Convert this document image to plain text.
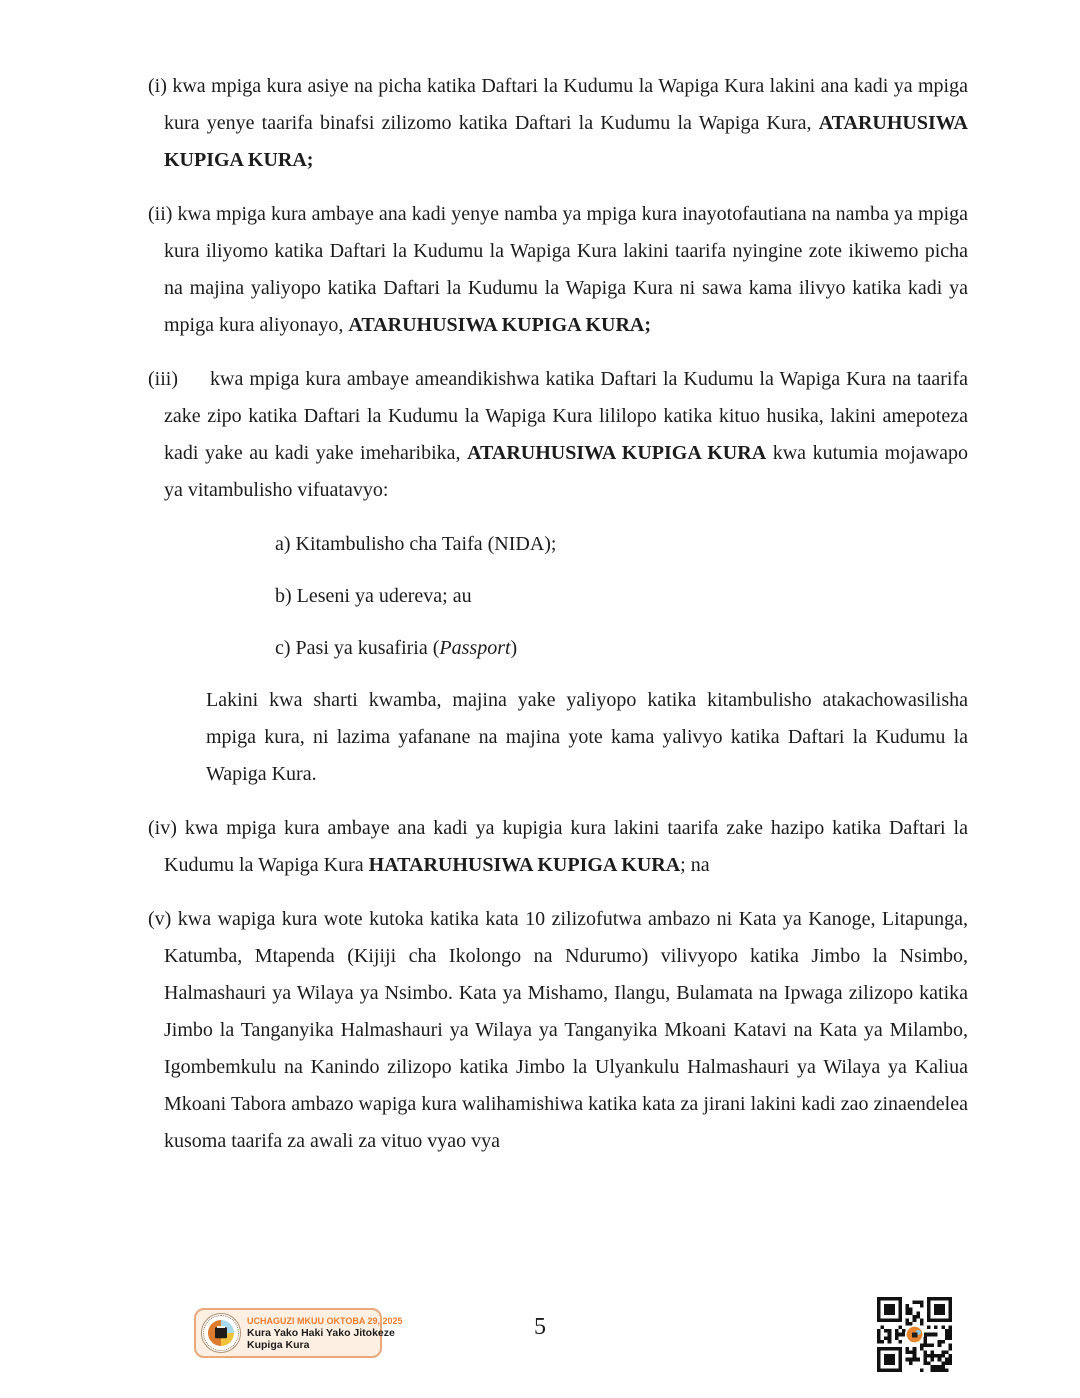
(i) kwa mpiga kura asiye na picha katika Daftari la Kudumu la Wapiga Kura lakini ana kadi ya mpiga kura yenye taarifa binafsi zilizomo katika Daftari la Kudumu la Wapiga Kura, ATARUHUSIWA KUPIGA KURA;
(ii) kwa mpiga kura ambaye ana kadi yenye namba ya mpiga kura inayotofautiana na namba ya mpiga kura iliyomo katika Daftari la Kudumu la Wapiga Kura lakini taarifa nyingine zote ikiwemo picha na majina yaliyopo katika Daftari la Kudumu la Wapiga Kura ni sawa kama ilivyo katika kadi ya mpiga kura aliyonayo, ATARUHUSIWA KUPIGA KURA;
(iii) kwa mpiga kura ambaye ameandikishwa katika Daftari la Kudumu la Wapiga Kura na taarifa zake zipo katika Daftari la Kudumu la Wapiga Kura lililopo katika kituo husika, lakini amepoteza kadi yake au kadi yake imeharibika, ATARUHUSIWA KUPIGA KURA kwa kutumia mojawapo ya vitambulisho vifuatavyo:
a) Kitambulisho cha Taifa (NIDA);
b) Leseni ya udereva; au
c) Pasi ya kusafiria (Passport)
Lakini kwa sharti kwamba, majina yake yaliyopo katika kitambulisho atakachowasilisha mpiga kura, ni lazima yafanane na majina yote kama yalivyo katika Daftari la Kudumu la Wapiga Kura.
(iv) kwa mpiga kura ambaye ana kadi ya kupigia kura lakini taarifa zake hazipo katika Daftari la Kudumu la Wapiga Kura HATARUHUSIWA KUPIGA KURA; na
(v) kwa wapiga kura wote kutoka katika kata 10 zilizofutwa ambazo ni Kata ya Kanoge, Litapunga, Katumba, Mtapenda (Kijiji cha Ikolongo na Ndurumo) vilivyopo katika Jimbo la Nsimbo, Halmashauri ya Wilaya ya Nsimbo. Kata ya Mishamo, Ilangu, Bulamata na Ipwaga zilizopo katika Jimbo la Tanganyika Halmashauri ya Wilaya ya Tanganyika Mkoani Katavi na Kata ya Milambo, Igombemkulu na Kanindo zilizopo katika Jimbo la Ulyankulu Halmashauri ya Wilaya ya Kaliua Mkoani Tabora ambazo wapiga kura walihamishiwa katika kata za jirani lakini kadi zao zinaendelea kusoma taarifa za awali za vituo vyao vya
UCHAGUZI MKUU OKTOBA 29, 2025
Kura Yako Haki Yako Jitokeze
Kupiga Kura
5
